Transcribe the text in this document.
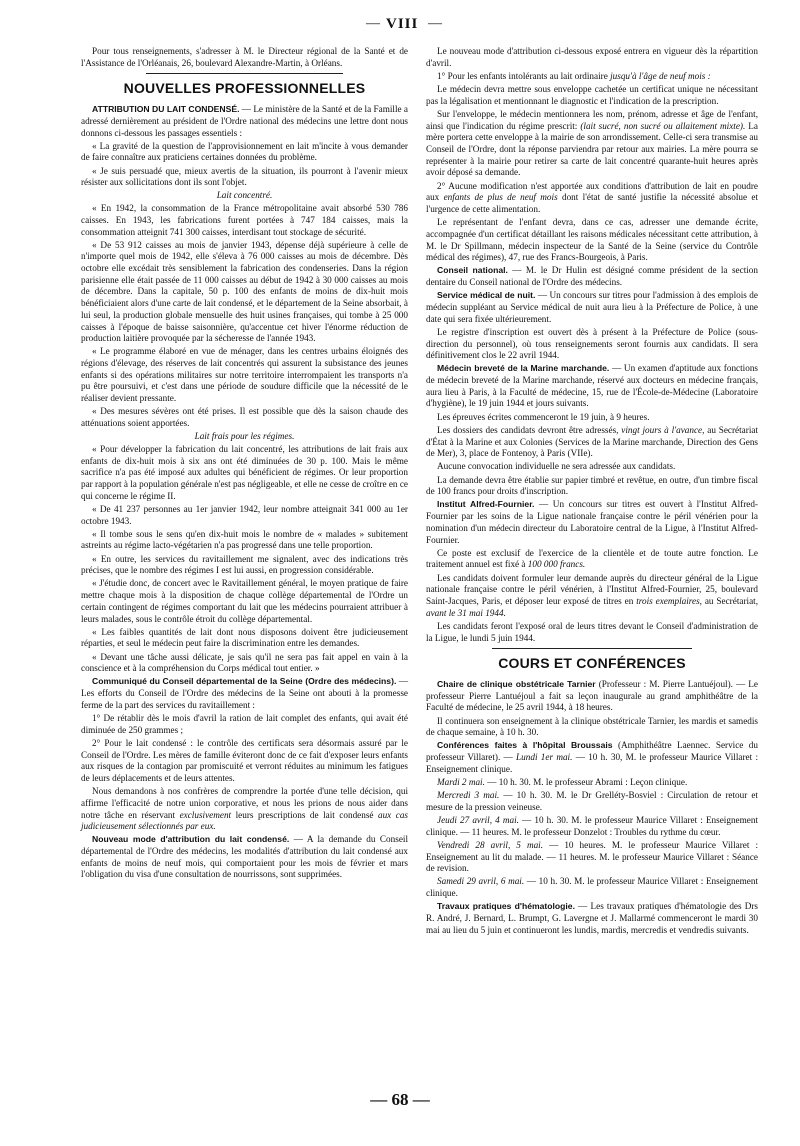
— VIII —

Pour tous renseignements, s'adresser à M. le Directeur régional de la Santé et de l'Assistance de l'Orléanais, 26, boulevard Alexandre-Martin, à Orléans.

NOUVELLES PROFESSIONNELLES

ATTRIBUTION DU LAIT CONDENSÉ. — Le ministère de la Santé et de la Famille a adressé dernièrement au président de l'Ordre national des médecins une lettre dont nous donnons ci-dessous les passages essentiels :

« La gravité de la question de l'approvisionnement en lait m'incite à vous demander de faire connaître aux praticiens certaines données du problème.

« Je suis persuadé que, mieux avertis de la situation, ils pourront à l'avenir mieux résister aux sollicitations dont ils sont l'objet.

Lait concentré.

« En 1942, la consommation de la France métropolitaine avait absorbé 530 786 caisses. En 1943, les fabrications furent portées à 747 184 caisses, mais la consommation atteignit 741 300 caisses, interdisant tout stockage de sécurité.

« De 53 912 caisses au mois de janvier 1943, dépense déjà supérieure à celle de n'importe quel mois de 1942, elle s'éleva à 76 000 caisses au mois de décembre. Dès octobre elle excédait très sensiblement la fabrication des condenseries. Dans la région parisienne elle était passée de 11 000 caisses au début de 1942 à 30 000 caisses au mois de décembre. Dans la capitale, 50 p. 100 des enfants de moins de dix-huit mois bénéficiaient alors d'une carte de lait condensé, et le département de la Seine absorbait, à lui seul, la production globale mensuelle des huit usines françaises, qui tombe à 25 000 caisses à l'époque de baisse saisonnière, qu'accentue cet hiver l'énorme réduction de production laitière provoquée par la sécheresse de l'année 1943.

« Le programme élaboré en vue de ménager, dans les centres urbains éloignés des régions d'élevage, des réserves de lait concentrés qui assurent la subsistance des jeunes enfants si des opérations militaires sur notre territoire interrompaient les transports n'a pu être poursuivi, et c'est dans une période de soudure difficile que la nécessité de le réaliser devient pressante.

« Des mesures sévères ont été prises. Il est possible que dès la saison chaude des atténuations soient apportées.

Lait frais pour les régimes.

« Pour développer la fabrication du lait concentré, les attributions de lait frais aux enfants de dix-huit mois à six ans ont été diminuées de 30 p. 100. Mais le même sacrifice n'a pas été imposé aux adultes qui bénéficient de régimes. Or leur proportion par rapport à la population générale n'est pas négligeable, et elle ne cesse de croître en ce qui concerne le régime II.

« De 41 237 personnes au 1er janvier 1942, leur nombre atteignait 341 000 au 1er octobre 1943.

« Il tombe sous le sens qu'en dix-huit mois le nombre de « malades » subitement astreints au régime lacto-végétarien n'a pas progressé dans une telle proportion.

« En outre, les services du ravitaillement me signalent, avec des indications très précises, que le nombre des régimes I est lui aussi, en progression considérable.

« J'étudie donc, de concert avec le Ravitaillement général, le moyen pratique de faire mettre chaque mois à la disposition de chaque collège départemental de l'Ordre un certain contingent de régimes comportant du lait que les médecins pourraient attribuer à leurs malades, sous le contrôle étroit du collège départemental.

« Les faibles quantités de lait dont nous disposons doivent être judicieusement réparties, et seul le médecin peut faire la discrimination entre les demandes.

« Devant une tâche aussi délicate, je sais qu'il ne sera pas fait appel en vain à la conscience et à la compréhension du Corps médical tout entier. »

Communiqué du Conseil départemental de la Seine (Ordre des médecins). — Les efforts du Conseil de l'Ordre des médecins de la Seine ont abouti à la promesse ferme de la part des services du ravitaillement :

1° De rétablir dès le mois d'avril la ration de lait complet des enfants, qui avait été diminuée de 250 grammes ;

2° Pour le lait condensé : le contrôle des certificats sera désormais assuré par le Conseil de l'Ordre. Les mères de famille éviteront donc de ce fait d'exposer leurs enfants aux risques de la contagion par promiscuité et verront réduites au minimum les fatigues de leurs déplacements et de leurs attentes.

Nous demandons à nos confrères de comprendre la portée d'une telle décision, qui affirme l'efficacité de notre union corporative, et nous les prions de nous aider dans notre tâche en réservant exclusivement leurs prescriptions de lait condensé aux cas judicieusement sélectionnés par eux.

Nouveau mode d'attribution du lait condensé. — A la demande du Conseil départemental de l'Ordre des médecins, les modalités d'attribution du lait condensé aux enfants de moins de neuf mois, qui comportaient pour les mois de février et mars l'obligation du visa d'une consultation de nourrissons, sont supprimées.

Le nouveau mode d'attribution ci-dessous exposé entrera en vigueur dès la répartition d'avril.

1° Pour les enfants intolérants au lait ordinaire jusqu'à l'âge de neuf mois :

Le médecin devra mettre sous enveloppe cachetée un certificat unique ne nécessitant pas la légalisation et mentionnant le diagnostic et l'indication de la prescription.

Sur l'enveloppe, le médecin mentionnera les nom, prénom, adresse et âge de l'enfant, ainsi que l'indication du régime prescrit: (lait sucré, non sucré ou allaitement mixte). La mère portera cette enveloppe à la mairie de son arrondissement. Celle-ci sera transmise au Conseil de l'Ordre, dont la réponse parviendra par retour aux mairies. La mère pourra se représenter à la mairie pour retirer sa carte de lait concentré quarante-huit heures après avoir déposé sa demande.

2° Aucune modification n'est apportée aux conditions d'attribution de lait en poudre aux enfants de plus de neuf mois dont l'état de santé justifie la nécessité absolue et l'urgence de cette alimentation.

Le représentant de l'enfant devra, dans ce cas, adresser une demande écrite, accompagnée d'un certificat détaillant les raisons médicales nécessitant cette attribution, à M. le Dr Spillmann, médecin inspecteur de la Santé de la Seine (service du Contrôle médical des régimes), 47, rue des Francs-Bourgeois, à Paris.

Conseil national. — M. le Dr Hulin est désigné comme président de la section dentaire du Conseil national de l'Ordre des médecins.

Service médical de nuit. — Un concours sur titres pour l'admission à des emplois de médecin suppléant au Service médical de nuit aura lieu à la Préfecture de Police, à une date qui sera fixée ultérieurement.

Le registre d'inscription est ouvert dès à présent à la Préfecture de Police (sous-direction du personnel), où tous renseignements seront fournis aux candidats. Il sera définitivement clos le 22 avril 1944.

Médecin breveté de la Marine marchande. — Un examen d'aptitude aux fonctions de médecin breveté de la Marine marchande, réservé aux docteurs en médecine français, aura lieu à Paris, à la Faculté de médecine, 15, rue de l'École-de-Médecine (Laboratoire d'hygiène), le 19 juin 1944 et jours suivants.

Les épreuves écrites commenceront le 19 juin, à 9 heures.

Les dossiers des candidats devront être adressés, vingt jours à l'avance, au Secrétariat d'État à la Marine et aux Colonies (Services de la Marine marchande, Direction des Gens de Mer), 3, place de Fontenoy, à Paris (VIIe).

Aucune convocation individuelle ne sera adressée aux candidats.

La demande devra être établie sur papier timbré et revêtue, en outre, d'un timbre fiscal de 100 francs pour droits d'inscription.

Institut Alfred-Fournier. — Un concours sur titres est ouvert à l'Institut Alfred-Fournier par les soins de la Ligue nationale française contre le péril vénérien pour la nomination d'un médecin directeur du Laboratoire central de la Ligue, à l'Institut Alfred-Fournier.

Ce poste est exclusif de l'exercice de la clientèle et de toute autre fonction. Le traitement annuel est fixé à 100 000 francs.

Les candidats doivent formuler leur demande auprès du directeur général de la Ligue nationale française contre le péril vénérien, à l'Institut Alfred-Fournier, 25, boulevard Saint-Jacques, Paris, et déposer leur exposé de titres en trois exemplaires, au Secrétariat, avant le 31 mai 1944.

Les candidats feront l'exposé oral de leurs titres devant le Conseil d'administration de la Ligue, le lundi 5 juin 1944.

COURS ET CONFÉRENCES

Chaire de clinique obstétricale Tarnier (Professeur : M. Pierre Lantuéjoul). — Le professeur Pierre Lantuéjoul a fait sa leçon inaugurale au grand amphithéâtre de la Faculté de médecine, le 25 avril 1944, à 18 heures.

Il continuera son enseignement à la clinique obstétricale Tarnier, les mardis et samedis de chaque semaine, à 10 h. 30.

Conférences faites à l'hôpital Broussais (Amphithéâtre Laennec. Service du professeur Villaret). — Lundi 1er mai. — 10 h. 30, M. le professeur Maurice Villaret : Enseignement clinique.

Mardi 2 mai. — 10 h. 30. M. le professeur Abrami : Leçon clinique.

Mercredi 3 mai. — 10 h. 30. M. le Dr Grelléty-Bosviel : Circulation de retour et mesure de la pression veineuse.

Jeudi 27 avril, 4 mai. — 10 h. 30. M. le professeur Maurice Villaret : Enseignement clinique. — 11 heures. M. le professeur Donzelot : Troubles du rythme du cœur.

Vendredi 28 avril, 5 mai. — 10 heures. M. le professeur Maurice Villaret : Enseignement au lit du malade. — 11 heures. M. le professeur Maurice Villaret : Séance de revision.

Samedi 29 avril, 6 mai. — 10 h. 30. M. le professeur Maurice Villaret : Enseignement clinique.

Travaux pratiques d'hématologie. — Les travaux pratiques d'hématologie des Drs R. André, J. Bernard, L. Brumpt, G. Lavergne et J. Mallarmé commenceront le mardi 30 mai au lieu du 5 juin et continueront les lundis, mardis, mercredis et vendredis suivants.

— 68 —
